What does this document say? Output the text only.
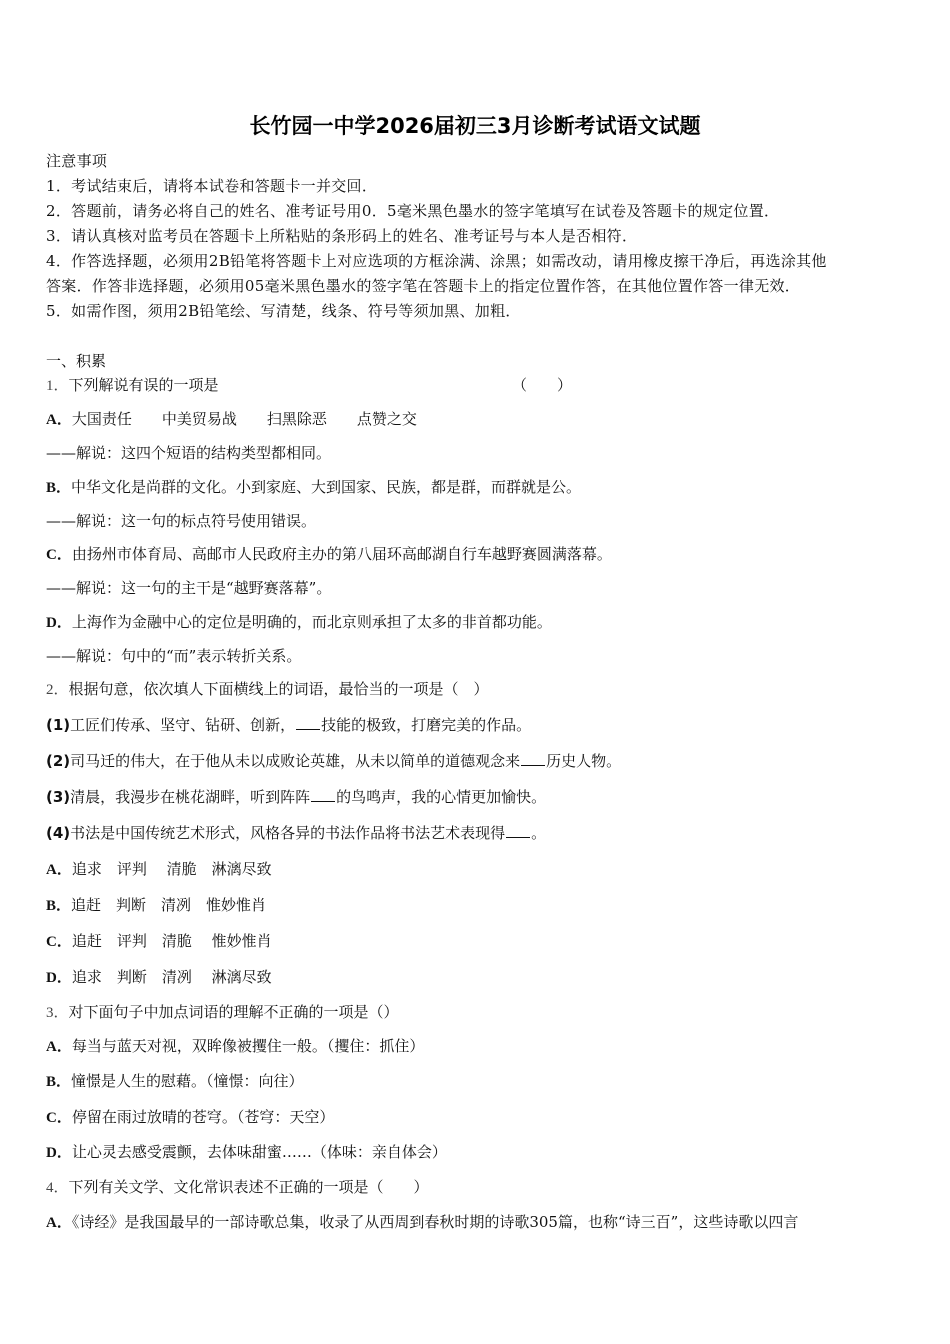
长竹园一中学2026届初三3月诊断考试语文试题
注意事项
1．考试结束后，请将本试卷和答题卡一并交回．
2．答题前，请务必将自己的姓名、准考证号用0．5毫米黑色墨水的签字笔填写在试卷及答题卡的规定位置．
3．请认真核对监考员在答题卡上所粘贴的条形码上的姓名、准考证号与本人是否相符．
4．作答选择题，必须用2B铅笔将答题卡上对应选项的方框涂满、涂黑；如需改动，请用橡皮擦干净后，再选涂其他
答案．作答非选择题，必须用05毫米黑色墨水的签字笔在答题卡上的指定位置作答，在其他位置作答一律无效．
5．如需作图，须用2B铅笔绘、写清楚，线条、符号等须加黑、加粗．
一、积累
1．下列解说有误的一项是	（　　）
A．大国责任　　中美贸易战　　扫黑除恶　　点赞之交
——解说：这四个短语的结构类型都相同。
B．中华文化是尚群的文化。小到家庭、大到国家、民族，都是群，而群就是公。
——解说：这一句的标点符号使用错误。
C．由扬州市体育局、高邮市人民政府主办的第八届环高邮湖自行车越野赛圆满落幕。
——解说：这一句的主干是“越野赛落幕”。
D．上海作为金融中心的定位是明确的，而北京则承担了太多的非首都功能。
——解说：句中的“而”表示转折关系。
2．根据句意，依次填人下面横线上的词语，最恰当的一项是（　）
(1)工匠们传承、坚守、钻研、创新， 技能的极致，打磨完美的作品。
(2)司马迁的伟大，在于他从未以成败论英雄，从未以简单的道德观念来 历史人物。
(3)清晨，我漫步在桃花湖畔，听到阵阵 的鸟鸣声，我的心情更加愉快。
(4)书法是中国传统艺术形式，风格各异的书法作品将书法艺术表现得 。
A．追求　评判　 清脆　淋漓尽致
B．追赶　判断　清冽　惟妙惟肖
C．追赶　评判　清脆　 惟妙惟肖
D．追求　判断　清冽　 淋漓尽致
3．对下面句子中加点词语的理解不正确的一项是（）
A．每当与蓝天对视，双眸像被攫住一般。（攫住：抓住）
B．憧憬是人生的慰藉。（憧憬：向往）
C．停留在雨过放晴的苍穹。（苍穹：天空）
D．让心灵去感受震颤，去体味甜蜜……（体味：亲自体会）
4．下列有关文学、文化常识表述不正确的一项是（　　）
A．《诗经》是我国最早的一部诗歌总集，收录了从西周到春秋时期的诗歌305篇，也称“诗三百”，这些诗歌以四言
